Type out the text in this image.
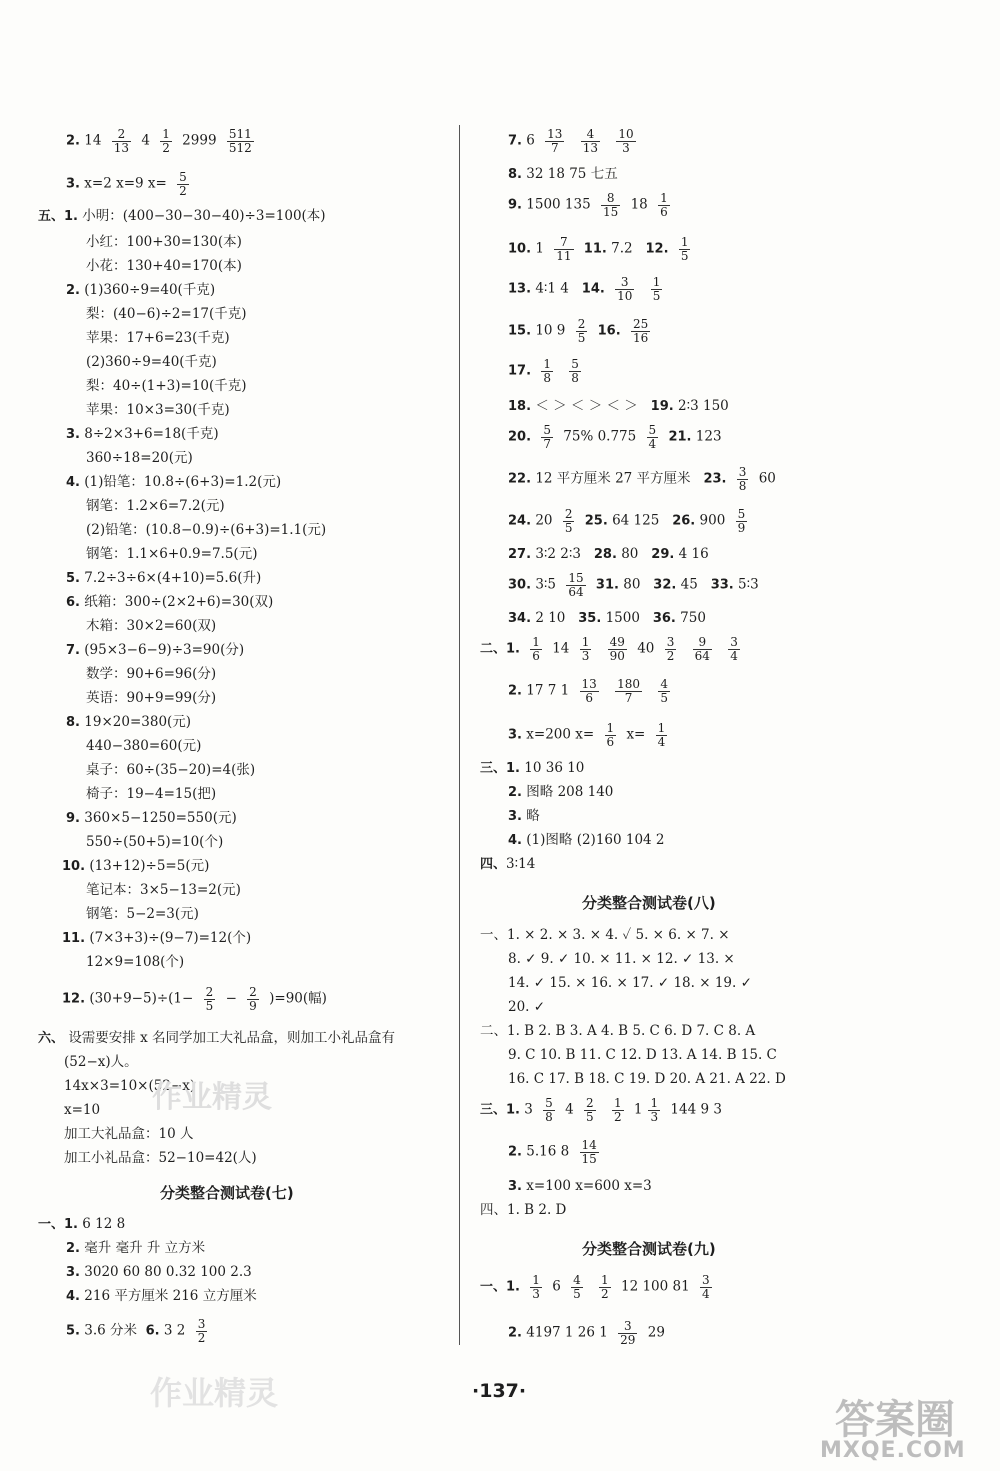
2. $14 \frac{2}{13} 4 \frac{1}{2} 2999 \frac{511}{512}$
3. x=2 x=9 $x= \frac{5}{2}$
五、1. 小明：(400−30−30−40)÷3=100(本)
小红：100+30=130(本)
小花：130+40=170(本)
2. (1)360÷9=40(千克)
梨：(40−6)÷2=17(千克)
苹果：17+6=23(千克)
(2)360÷9=40(千克)
梨：40÷(1+3)=10(千克)
苹果：10×3=30(千克)
3. 8÷2×3+6=18(千克)
360÷18=20(元)
4. (1)铅笔：10.8÷(6+3)=1.2(元)
钢笔：1.2×6=7.2(元)
(2)铅笔：(10.8−0.9)÷(6+3)=1.1(元)
钢笔：1.1×6+0.9=7.5(元)
5. 7.2÷3÷6×(4+10)=5.6(升)
6. 纸箱：300÷(2×2+6)=30(双)
木箱：30×2=60(双)
7. (95×3−6−9)÷3=90(分)
数学：90+6=96(分)
英语：90+9=99(分)
8. 19×20=380(元)
440−380=60(元)
桌子：60÷(35−20)=4(张)
椅子：19−4=15(把)
9. 360×5−1250=550(元)
550÷(50+5)=10(个)
10. (13+12)÷5=5(元)
笔记本：3×5−13=2(元)
钢笔：5−2=3(元)
11. (7×3+3)÷(9−7)=12(个)
12×9=108(个)
12. $(30+9-5)\div(1- \frac{2}{5} - \frac{2}{9} )=90$(幅)
六、 设需要安排 x 名同学加工大礼品盒，则加工小礼品盒有
(52−x)人。
14x×3=10×(52−x)
x=10
加工大礼品盒：10 人
加工小礼品盒：52−10=42(人)
分类整合测试卷(七)
一、1. 6 12 8
2. 毫升 毫升 升 立方米
3. 3020 60 80 0.32 100 2.3
4. 216 平方厘米 216 立方厘米
5. 3.6 分米 6. 3 $2 \frac{3}{2}$
7. $6 \frac{13}{7}$
$\frac{4}{13}$
$\frac{10}{3}$
8. 32 18 75 七五
9. 1500 $135 \frac{8}{15} 18 \frac{1}{6}$
10. $1 \frac{7}{11} 11$. 7.2 12. $\frac{1}{5}$
13. 4∶1 4 14. $\frac{3}{10}$
$\frac{1}{5}$
15. 10 $9 \frac{2}{5} 16$. $\frac{25}{16}$
17. $\frac{1}{8}$
$\frac{5}{8}$
18. ＜ ＞ ＜ ＞ ＜ ＞ 19. 2∶3 150
20. $\frac{5}{7} 75\%$ $0.775 \frac{5}{4} 21$. 123
22. 12 平方厘米 27 平方厘米 23. $\frac{3}{8} 60$
24. $20 \frac{2}{5} 25$. 64 125 26. $900 \frac{5}{9}$
27. 3∶2 2∶3 28. 80 29. 4 16
30. 3∶5 $\frac{15}{64} 31$. 80 32. 45 33. 5∶3
34. 2 10 35. 1500 36. 750
二、1. $\frac{1}{6} 14 \frac{1}{3}$
$\frac{49}{90} 40 \frac{3}{2}$
$\frac{9}{64}$
$\frac{3}{4}$
2. 17 7 $1 \frac{13}{6}$
$\frac{180}{7}$
$\frac{4}{5}$
3. x=200 $x= \frac{1}{6} x= \frac{1}{4}$
三、1. 10 36 10
2. 图略 208 140
3. 略
4. (1)图略 (2)160 104 2
四、3∶14
分类整合测试卷(八)
一、1. × 2. × 3. × 4. ✓ 5. × 6. × 7. ×
8. ✓ 9. ✓ 10. × 11. × 12. ✓ 13. ×
14. ✓ 15. × 16. × 17. ✓ 18. × 19. ✓
20. ✓
二、1. B 2. B 3. A 4. B 5. C 6. D 7. C 8. A
9. C 10. B 11. C 12. D 13. A 14. B 15. C
16. C 17. B 18. C 19. D 20. A 21. A 22. D
三、1. $3 \frac{5}{8} 4 \frac{2}{5}$
$\frac{1}{2} 1 \frac{1}{3} 144$ 9 3
2. 5.16 $8 \frac{14}{15}$
3. x=100 x=600 x=3
四、1. B 2. D
分类整合测试卷(九)
一、1. $\frac{1}{3} 6 \frac{4}{5}$
$\frac{1}{2} 12$ 100 $81 \frac{3}{4}$
2. 4197 1 26 $1 \frac{3}{29} 29$
·137·
作业精灵
作业精灵
答案圈
MXQE.COM
